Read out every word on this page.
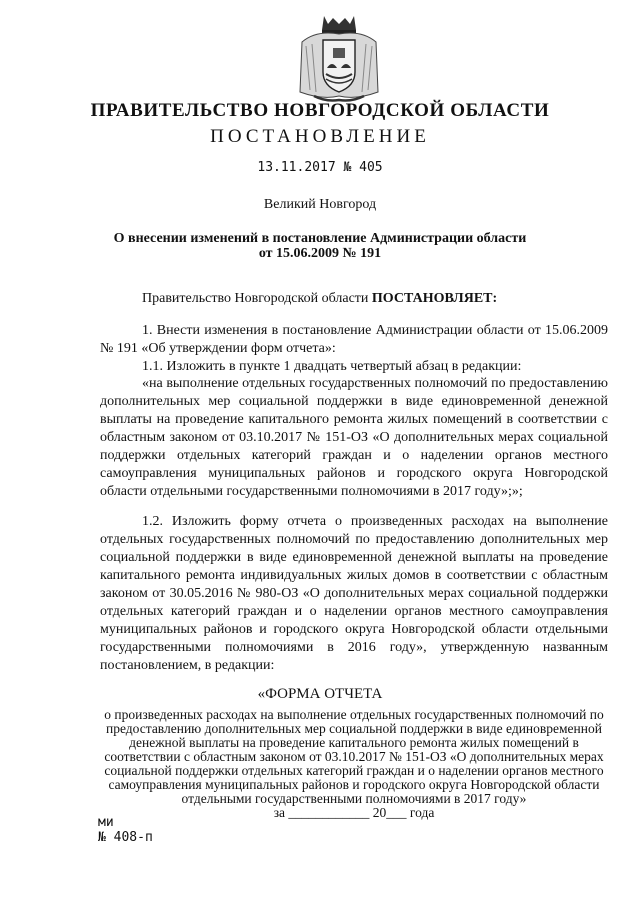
ПРАВИТЕЛЬСТВО НОВГОРОДСКОЙ ОБЛАСТИ
ПОСТАНОВЛЕНИЕ
13.11.2017 № 405
Великий Новгород
О внесении изменений в постановление Администрации области
от 15.06.2009 № 191
Правительство Новгородской области ПОСТАНОВЛЯЕТ:
1. Внести изменения в постановление Администрации области от 15.06.2009 № 191 «Об утверждении форм отчета»:
1.1. Изложить в пункте 1 двадцать четвертый абзац в редакции:
«на выполнение отдельных государственных полномочий по предоставлению дополнительных мер социальной поддержки в виде единовременной денежной выплаты на проведение капитального ремонта жилых помещений в соответствии с областным законом от 03.10.2017 № 151-ОЗ «О дополнительных мерах социальной поддержки отдельных категорий граждан и о наделении органов местного самоуправления муниципальных районов и городского округа Новгородской области отдельными государственными полномочиями в 2017 году»;»;
1.2. Изложить форму отчета о произведенных расходах на выполнение отдельных государственных полномочий по предоставлению дополнительных мер социальной поддержки в виде единовременной денежной выплаты на проведение капитального ремонта индивидуальных жилых домов в соответствии с областным законом от 30.05.2016 № 980-ОЗ «О дополнительных мерах социальной поддержки отдельных категорий граждан и о наделении органов местного самоуправления муниципальных районов и городского округа Новгородской области отдельными государственными полномочиями в 2016 году», утвержденную названным постановлением, в редакции:
«ФОРМА ОТЧЕТА
о произведенных расходах на выполнение отдельных государственных полномочий по предоставлению дополнительных мер социальной поддержки в виде единовременной денежной выплаты на проведение капитального ремонта жилых помещений в соответствии с областным законом от 03.10.2017 № 151-ОЗ «О дополнительных мерах социальной поддержки отдельных категорий граждан и о наделении органов местного самоуправления муниципальных районов и городского округа Новгородской области отдельными государственными полномочиями в 2017 году»
за ____________ 20___ года
ми
№ 408-п
